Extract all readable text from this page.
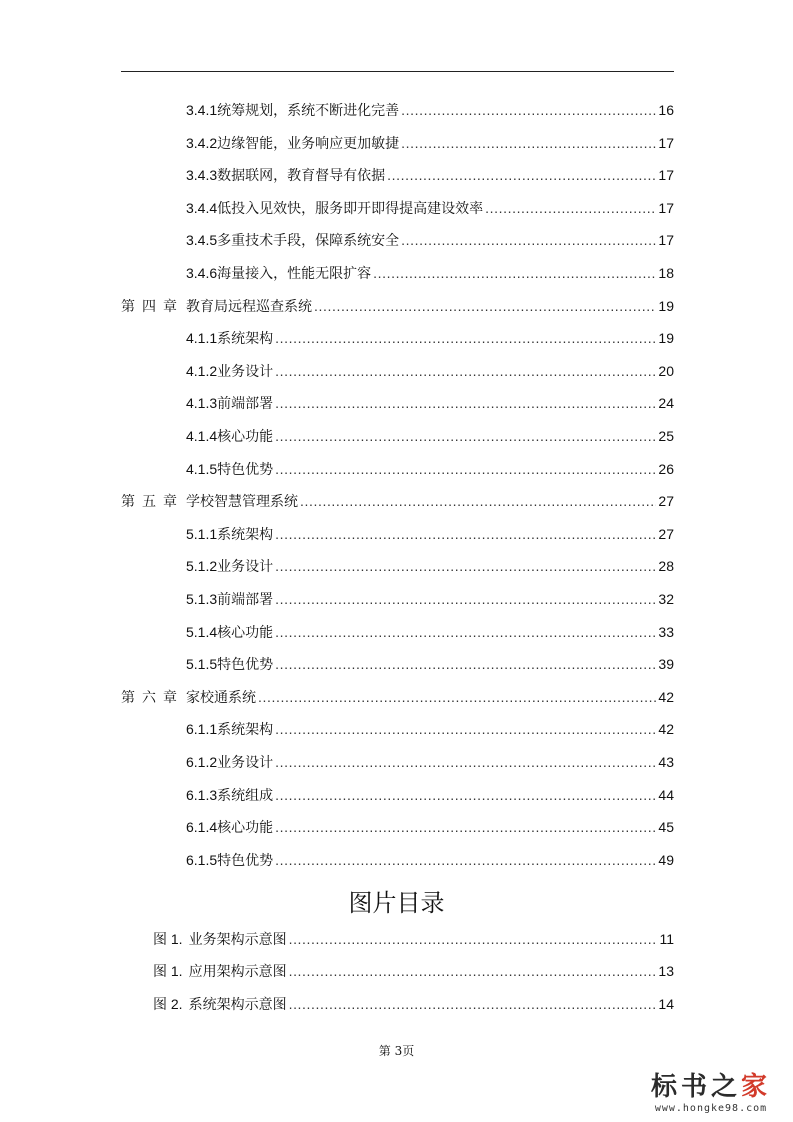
3.4.1 统筹规划，系统不断进化完善 .....	16
3.4.2 边缘智能，业务响应更加敏捷 .....	17
3.4.3 数据联网，教育督导有依据 .....	17
3.4.4 低投入见效快，服务即开即得提高建设效率 .....	17
3.4.5 多重技术手段，保障系统安全 .....	17
3.4.6 海量接入，性能无限扩容 .....	18
第四章 教育局远程巡查系统 .....	19
4.1.1 系统架构 .....	19
4.1.2 业务设计 .....	20
4.1.3 前端部署 .....	24
4.1.4 核心功能 .....	25
4.1.5 特色优势 .....	26
第五章 学校智慧管理系统 .....	27
5.1.1 系统架构 .....	27
5.1.2 业务设计 .....	28
5.1.3 前端部署 .....	32
5.1.4 核心功能 .....	33
5.1.5 特色优势 .....	39
第六章 家校通系统 .....	42
6.1.1 系统架构 .....	42
6.1.2 业务设计 .....	43
6.1.3 系统组成 .....	44
6.1.4 核心功能 .....	45
6.1.5 特色优势 .....	49
图片目录
图 1. 业务架构示意图 .....	11
图 1. 应用架构示意图 .....	13
图 2. 系统架构示意图 .....	14
第 3页
标书之家
www.hongke98.com
